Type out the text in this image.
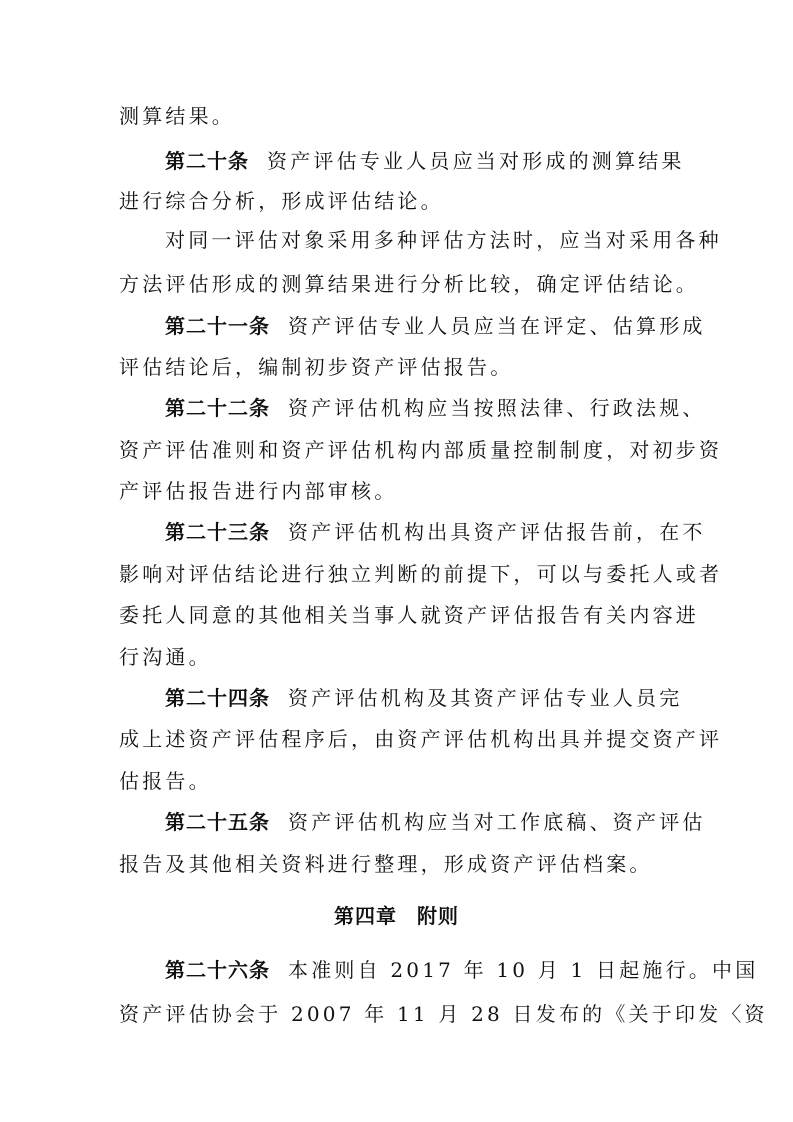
测算结果。
第二十条 资产评估专业人员应当对形成的测算结果
进行综合分析，形成评估结论。
对同一评估对象采用多种评估方法时，应当对采用各种
方法评估形成的测算结果进行分析比较，确定评估结论。
第二十一条 资产评估专业人员应当在评定、估算形成
评估结论后，编制初步资产评估报告。
第二十二条 资产评估机构应当按照法律、行政法规、
资产评估准则和资产评估机构内部质量控制制度，对初步资
产评估报告进行内部审核。
第二十三条 资产评估机构出具资产评估报告前，在不
影响对评估结论进行独立判断的前提下，可以与委托人或者
委托人同意的其他相关当事人就资产评估报告有关内容进
行沟通。
第二十四条 资产评估机构及其资产评估专业人员完
成上述资产评估程序后，由资产评估机构出具并提交资产评
估报告。
第二十五条 资产评估机构应当对工作底稿、资产评估
报告及其他相关资料进行整理，形成资产评估档案。
第四章 附则
第二十六条 本准则自 2017 年 10 月 1 日起施行。中国
资产评估协会于 2007 年 11 月 28 日发布的《关于印发〈资
